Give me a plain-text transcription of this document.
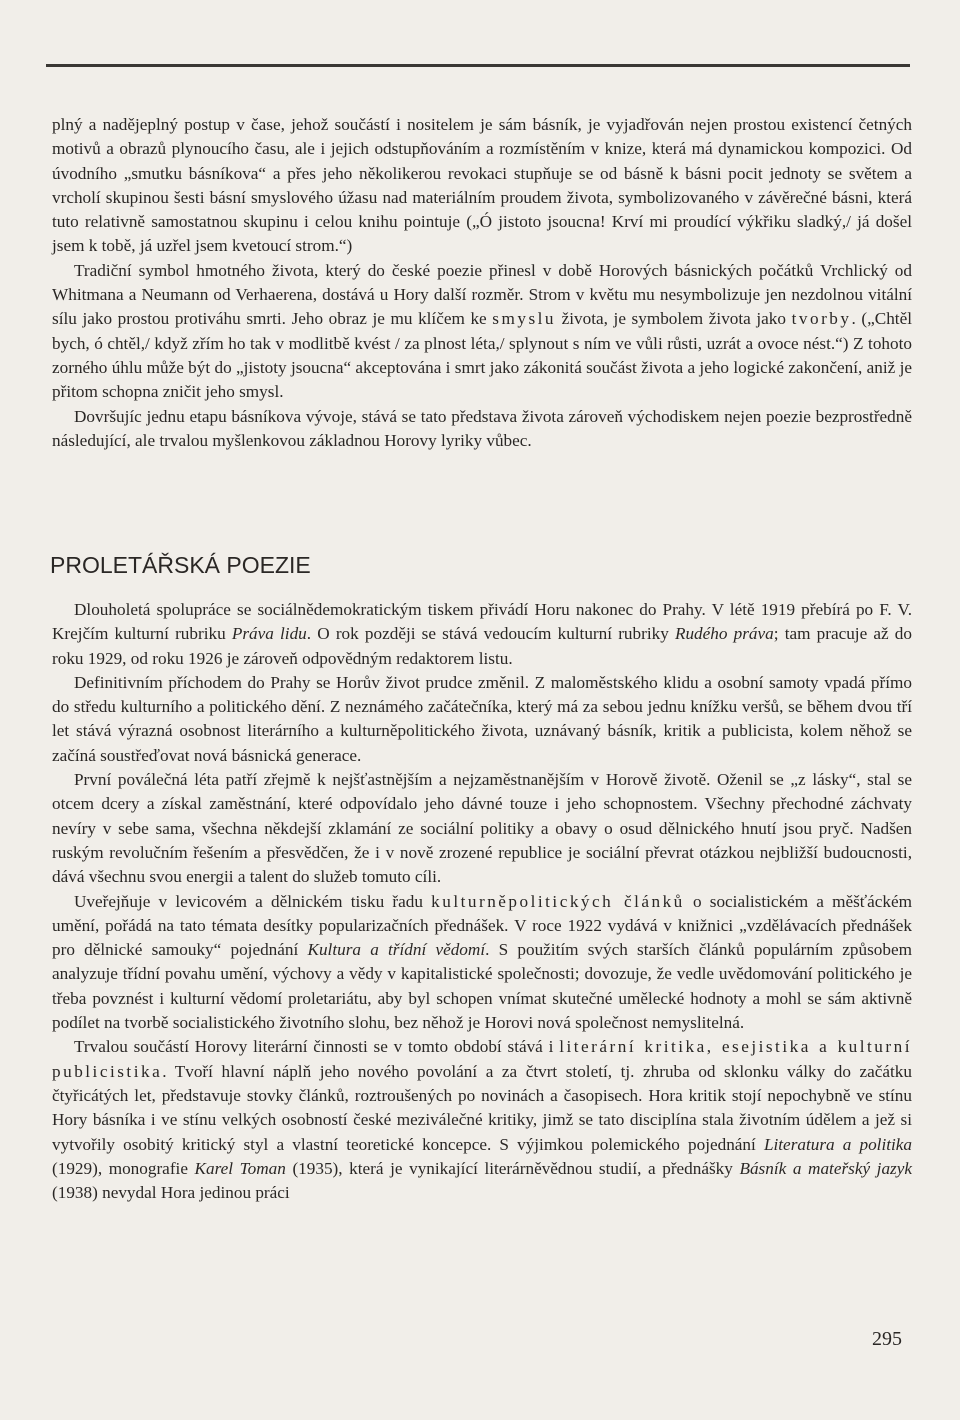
plný a nadějeplný postup v čase, jehož součástí i nositelem je sám básník, je vyjadřován nejen prostou existencí četných motivů a obrazů plynoucího času, ale i jejich odstupňováním a rozmístěním v knize, která má dynamickou kompozici. Od úvodního „smutku básníkova“ a přes jeho několikerou revokaci stupňuje se od básně k básni pocit jednoty se světem a vrcholí skupinou šesti básní smyslového úžasu nad materiálním proudem života, symbolizovaného v závěrečné básni, která tuto relativně samostatnou skupinu i celou knihu pointuje („Ó jistoto jsoucna! Krví mi proudící výkřiku sladký,/ já došel jsem k tobě, já uzřel jsem kvetoucí strom.“)

Tradiční symbol hmotného života, který do české poezie přinesl v době Horových básnických počátků Vrchlický od Whitmana a Neumann od Verhaerena, dostává u Hory další rozměr. Strom v květu mu nesymbolizuje jen nezdolnou vitální sílu jako prostou protiváhu smrti. Jeho obraz je mu klíčem ke smyslu života, je symbolem života jako tvorby. („Chtěl bych, ó chtěl,/ když zřím ho tak v modlitbě kvést / za plnost léta,/ splynout s ním ve vůli růsti, uzrát a ovoce nést.“) Z tohoto zorného úhlu může být do „jistoty jsoucna“ akceptována i smrt jako zákonitá součást života a jeho logické zakončení, aniž je přitom schopna zničit jeho smysl.

Dovršujíc jednu etapu básníkova vývoje, stává se tato představa života zároveň východiskem nejen poezie bezprostředně následující, ale trvalou myšlenkovou základnou Horovy lyriky vůbec.

PROLETÁŘSKÁ POEZIE

Dlouholetá spolupráce se sociálnědemokratickým tiskem přivádí Horu nakonec do Prahy. V létě 1919 přebírá po F. V. Krejčím kulturní rubriku Práva lidu. O rok později se stává vedoucím kulturní rubriky Rudého práva; tam pracuje až do roku 1929, od roku 1926 je zároveň odpovědným redaktorem listu.

Definitivním příchodem do Prahy se Horův život prudce změnil. Z maloměstského klidu a osobní samoty vpadá přímo do středu kulturního a politického dění. Z neznámého začátečníka, který má za sebou jednu knížku veršů, se během dvou tří let stává výrazná osobnost literárního a kulturněpolitického života, uznávaný básník, kritik a publicista, kolem něhož se začíná soustřeďovat nová básnická generace.

První poválečná léta patří zřejmě k nejšťastnějším a nejzaměstnanějším v Horově životě. Oženil se „z lásky“, stal se otcem dcery a získal zaměstnání, které odpovídalo jeho dávné touze i jeho schopnostem. Všechny přechodné záchvaty nevíry v sebe sama, všechna někdejší zklamání ze sociální politiky a obavy o osud dělnického hnutí jsou pryč. Nadšen ruským revolučním řešením a přesvědčen, že i v nově zrozené republice je sociální převrat otázkou nejbližší budoucnosti, dává všechnu svou energii a talent do služeb tomuto cíli.

Uveřejňuje v levicovém a dělnickém tisku řadu kulturněpolitických článků o socialistickém a měšťáckém umění, pořádá na tato témata desítky popularizačních přednášek. V roce 1922 vydává v knižnici „vzdělávacích přednášek pro dělnické samouky“ pojednání Kultura a třídní vědomí. S použitím svých starších článků populárním způsobem analyzuje třídní povahu umění, výchovy a vědy v kapitalistické společnosti; dovozuje, že vedle uvědomování politického je třeba povznést i kulturní vědomí proletariátu, aby byl schopen vnímat skutečné umělecké hodnoty a mohl se sám aktivně podílet na tvorbě socialistického životního slohu, bez něhož je Horovi nová společnost nemyslitelná.

Trvalou součástí Horovy literární činnosti se v tomto období stává i literární kritika, esejistika a kulturní publicistika. Tvoří hlavní náplň jeho nového povolání a za čtvrt století, tj. zhruba od sklonku války do začátku čtyřicátých let, představuje stovky článků, roztroušených po novinách a časopisech. Hora kritik stojí nepochybně ve stínu Hory básníka i ve stínu velkých osobností české meziválečné kritiky, jimž se tato disciplína stala životním údělem a jež si vytvořily osobitý kritický styl a vlastní teoretické koncepce. S výjimkou polemického pojednání Literatura a politika (1929), monografie Karel Toman (1935), která je vynikající literárněvědnou studií, a přednášky Básník a mateřský jazyk (1938) nevydal Hora jedinou práci

295
